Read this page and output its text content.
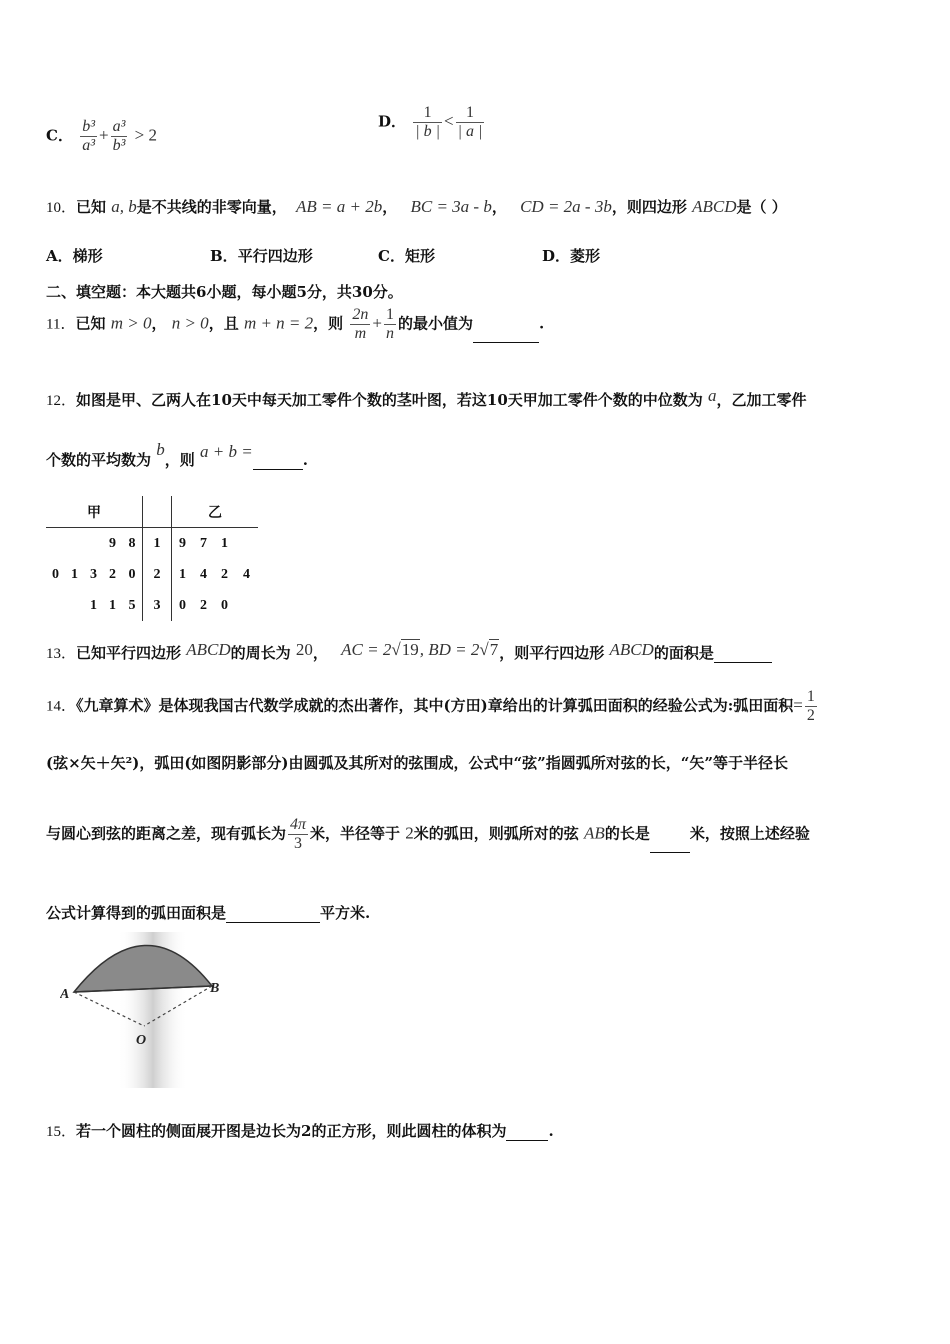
C． $\frac{\text{b³}}{\text{a³}} + \frac{\text{a³}}{\text{b³}} > 2$
D． $\frac{1}{| b |} < \frac{1}{| a |}$
10．已知 a, b是不共线的非零向量， AB = a + 2b， BC = 3a - b， CD = 2a - 3b，则四边形 ABCD是（ ）
A．梯形	B．平行四边形	C．矩形	D．菱形
二、填空题：本大题共6小题，每小题5分，共30分。
11．已知 m > 0， n > 0，且 m + n = 2，则 $\frac{2n}{m} + \frac{1}{n}$ 的最小值为	.
12．如图是甲、乙两人在10天中每天加工零件个数的茎叶图，若这10天甲加工零件个数的中位数为 a，乙加工零件
个数的平均数为 b，则 a + b =	.
甲						乙			
			9	8	1	9	7	1	
0	1	3	2	0	2	1	4	2	4
		1	1	5	3	0	2	0	
13．已知平行四边形 ABCD的周长为 20， AC = 2√19, BD = 2√7，则平行四边形 ABCD的面积是
14．《九章算术》是体现我国古代数学成就的杰出著作，其中(方田)章给出的计算弧田面积的经验公式为:弧田面积= $\frac{1}{2}$
(弦×矢＋矢²)，弧田(如图阴影部分)由圆弧及其所对的弦围成，公式中“弦”指圆弧所对弦的长，“矢”等于半径长
与圆心到弦的距离之差，现有弧长为 $\frac{4\pi}{3}$ 米，半径等于 2米的弧田，则弧所对的弦 AB的长是	米，按照上述经验
公式计算得到的弧田面积是	平方米.
A	B
O
15．若一个圆柱的侧面展开图是边长为2的正方形，则此圆柱的体积为	.
